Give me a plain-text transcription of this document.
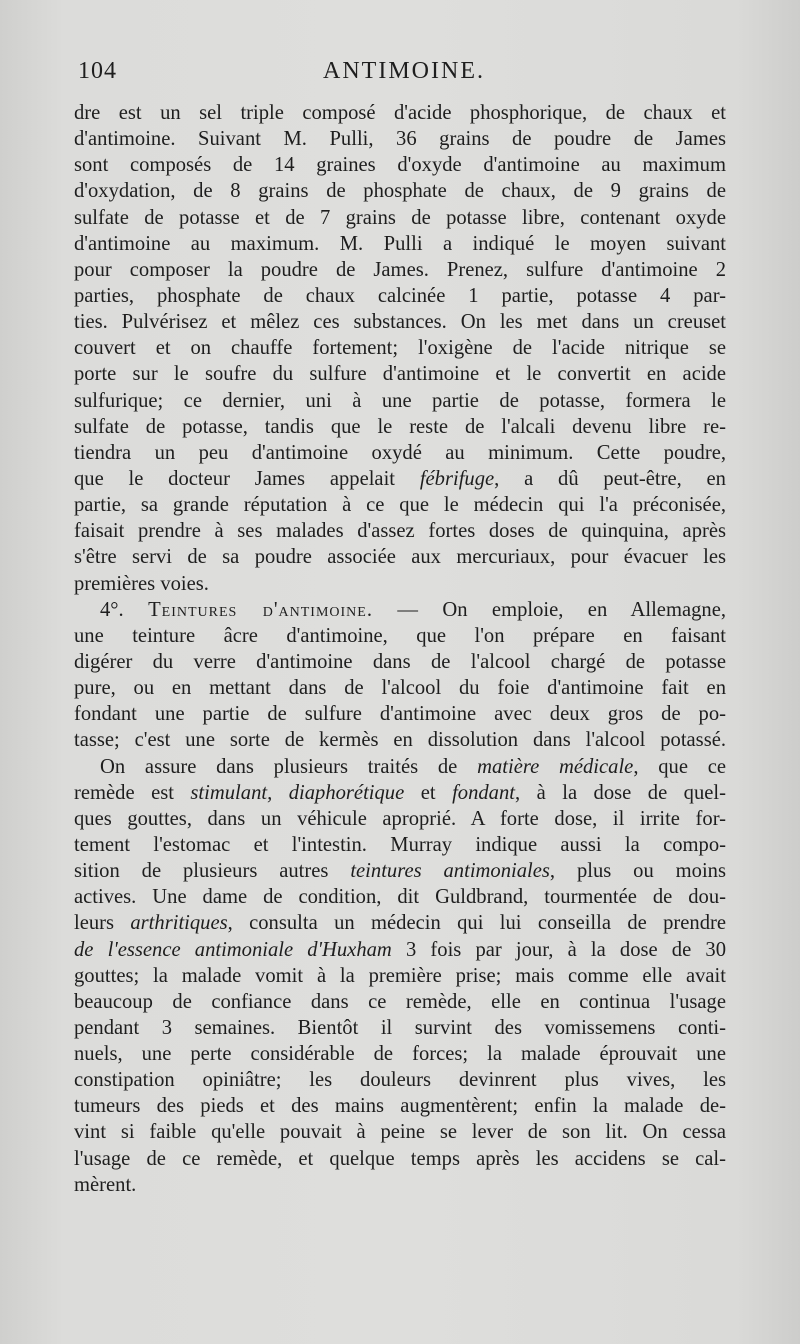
104	ANTIMOINE.
dre est un sel triple composé d'acide phosphorique, de chaux et
d'antimoine. Suivant M. Pulli, 36 grains de poudre de James
sont composés de 14 graines d'oxyde d'antimoine au maximum
d'oxydation, de 8 grains de phosphate de chaux, de 9 grains de
sulfate de potasse et de 7 grains de potasse libre, contenant oxyde
d'antimoine au maximum. M. Pulli a indiqué le moyen suivant
pour composer la poudre de James. Prenez, sulfure d'antimoine 2
parties, phosphate de chaux calcinée 1 partie, potasse 4 par-
ties. Pulvérisez et mêlez ces substances. On les met dans un creuset
couvert et on chauffe fortement; l'oxigène de l'acide nitrique se
porte sur le soufre du sulfure d'antimoine et le convertit en acide
sulfurique; ce dernier, uni à une partie de potasse, formera le
sulfate de potasse, tandis que le reste de l'alcali devenu libre re-
tiendra un peu d'antimoine oxydé au minimum. Cette poudre,
que le docteur James appelait fébrifuge, a dû peut-être, en
partie, sa grande réputation à ce que le médecin qui l'a préconisée,
faisait prendre à ses malades d'assez fortes doses de quinquina, après
s'être servi de sa poudre associée aux mercuriaux, pour évacuer les
premières voies.
4°. Teintures d'antimoine. — On emploie, en Allemagne,
une teinture âcre d'antimoine, que l'on prépare en faisant
digérer du verre d'antimoine dans de l'alcool chargé de potasse
pure, ou en mettant dans de l'alcool du foie d'antimoine fait en
fondant une partie de sulfure d'antimoine avec deux gros de po-
tasse; c'est une sorte de kermès en dissolution dans l'alcool potassé.
On assure dans plusieurs traités de matière médicale, que ce
remède est stimulant, diaphorétique et fondant, à la dose de quel-
ques gouttes, dans un véhicule aproprié. A forte dose, il irrite for-
tement l'estomac et l'intestin. Murray indique aussi la compo-
sition de plusieurs autres teintures antimoniales, plus ou moins
actives. Une dame de condition, dit Guldbrand, tourmentée de dou-
leurs arthritiques, consulta un médecin qui lui conseilla de prendre
de l'essence antimoniale d'Huxham 3 fois par jour, à la dose de 30
gouttes; la malade vomit à la première prise; mais comme elle avait
beaucoup de confiance dans ce remède, elle en continua l'usage
pendant 3 semaines. Bientôt il survint des vomissemens conti-
nuels, une perte considérable de forces; la malade éprouvait une
constipation opiniâtre; les douleurs devinrent plus vives, les
tumeurs des pieds et des mains augmentèrent; enfin la malade de-
vint si faible qu'elle pouvait à peine se lever de son lit. On cessa
l'usage de ce remède, et quelque temps après les accidens se cal-
mèrent.
